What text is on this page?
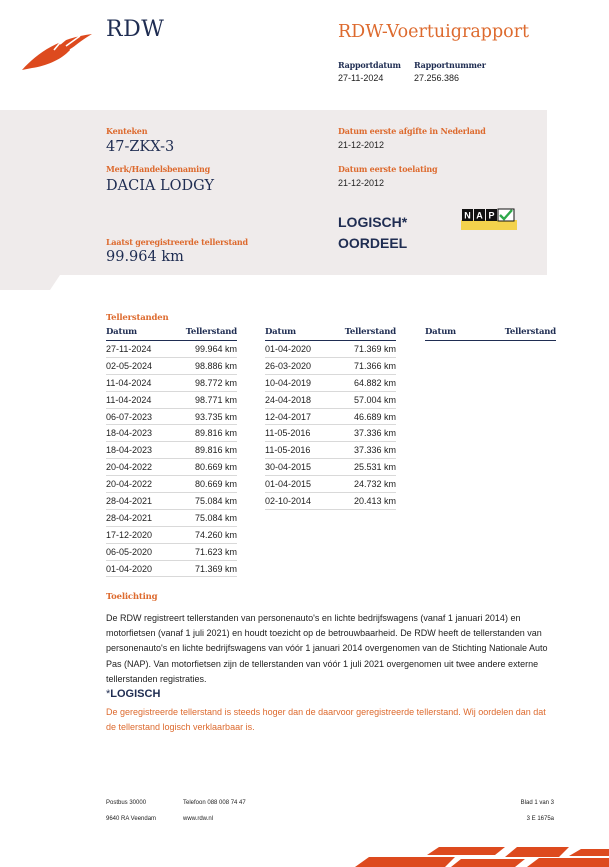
RDW	RDW-Voertuigrapport
Rapportdatum
27-11-2024
Rapportnummer
27.256.386
Kenteken
47-ZKX-3
Merk/Handelsbenaming
DACIA LODGY
Laatst geregistreerde tellerstand
99.964 km
Datum eerste afgifte in Nederland
21-12-2012
Datum eerste toelating
21-12-2012
LOGISCH*
OORDEEL
N A P
Tellerstanden
Datum	Tellerstand
27-11-2024	99.964 km
02-05-2024	98.886 km
11-04-2024	98.772 km
11-04-2024	98.771 km
06-07-2023	93.735 km
18-04-2023	89.816 km
18-04-2023	89.816 km
20-04-2022	80.669 km
20-04-2022	80.669 km
28-04-2021	75.084 km
28-04-2021	75.084 km
17-12-2020	74.260 km
06-05-2020	71.623 km
01-04-2020	71.369 km
Datum	Tellerstand
01-04-2020	71.369 km
26-03-2020	71.366 km
10-04-2019	64.882 km
24-04-2018	57.004 km
12-04-2017	46.689 km
11-05-2016	37.336 km
11-05-2016	37.336 km
30-04-2015	25.531 km
01-04-2015	24.732 km
02-10-2014	20.413 km
Datum	Tellerstand
Toelichting
De RDW registreert tellerstanden van personenauto's en lichte bedrijfswagens (vanaf 1 januari 2014) en motorfietsen (vanaf 1 juli 2021) en houdt toezicht op de betrouwbaarheid. De RDW heeft de tellerstanden van personenauto's en lichte bedrijfswagens van vóór 1 januari 2014 overgenomen van de Stichting Nationale Auto Pas (NAP). Van motorfietsen zijn de tellerstanden van vóór 1 juli 2021 overgenomen uit twee andere externe tellerstanden registraties.
*LOGISCH
De geregistreerde tellerstand is steeds hoger dan de daarvoor geregistreerde tellerstand. Wij oordelen dan dat de tellerstand logisch verklaarbaar is.
Postbus 30000
9640 RA Veendam
Telefoon 088 008 74 47
www.rdw.nl
Blad 1 van 3
3 E 1675a
